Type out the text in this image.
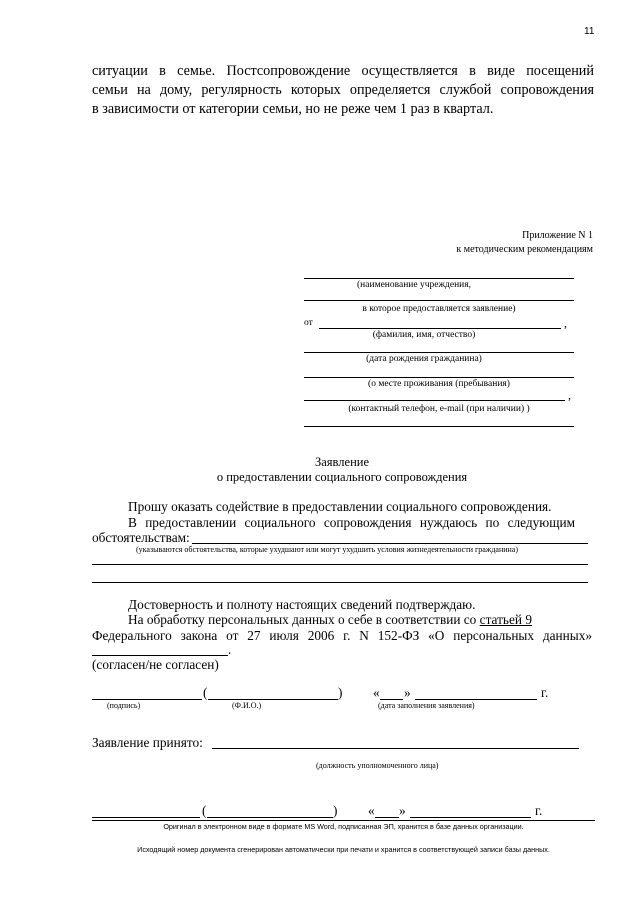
11
ситуации в семье. Постсопровождение осуществляется в виде посещений
семьи на дому, регулярность которых определяется службой сопровождения
в зависимости от категории семьи, но не реже чем 1 раз в квартал.
Приложение N 1
к методическим рекомендациям
(наименование учреждения,
в которое предоставляется заявление)
от	,
(фамилия, имя, отчество)
(дата рождения гражданина)
(о месте проживания (пребывания)
,
(контактный телефон, e-mail (при наличии) )
Заявление
о предоставлении социального сопровождения
Прошу оказать содействие в предоставлении социального сопровождения.
В предоставлении социального сопровождения нуждаюсь по следующим
обстоятельствам:
(указываются обстоятельства, которые ухудшают или могут ухудшить условия жизнедеятельности гражданина)
Достоверность и полноту настоящих сведений подтверждаю.
На обработку персональных данных о себе в соответствии со статьей 9
Федерального закона от 27 июля 2006 г. N 152-ФЗ «О персональных данных»
.
(согласен/не согласен)
(	) « »	г.
(подпись)	(Ф.И.О.)	(дата заполнения заявления)
Заявление принято:
(должность уполномоченного лица)
(	) « »	г.
Оригинал в электронном виде в формате MS Word, подписанная ЭП, хранится в базе данных организации.
Исходящий номер документа сгенерирован автоматически при печати и хранится в соответствующей записи базы данных.
